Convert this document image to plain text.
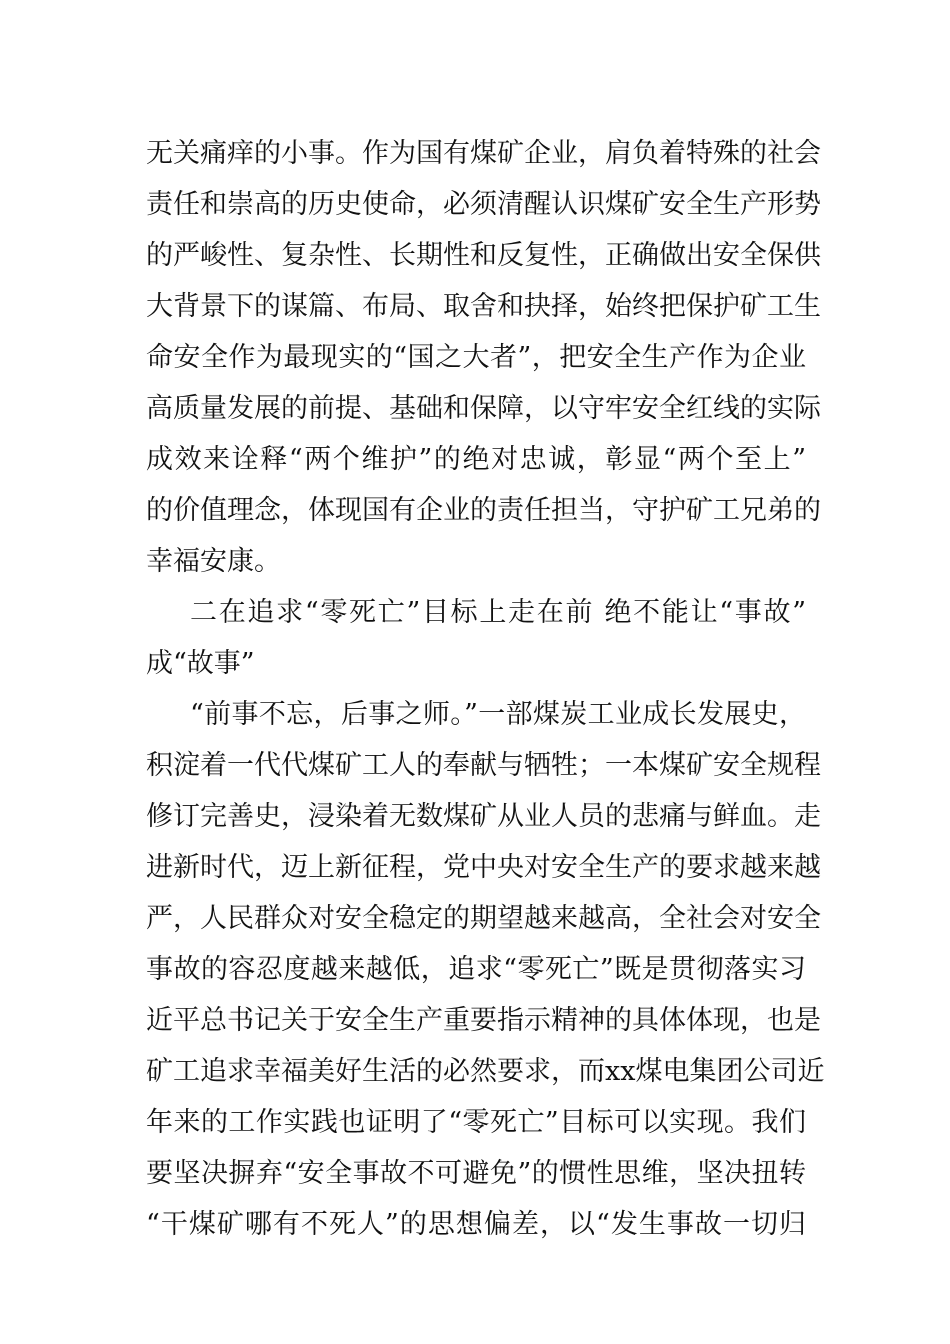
无关痛痒的小事。作为国有煤矿企业，肩负着特殊的社会
责任和崇高的历史使命，必须清醒认识煤矿安全生产形势
的严峻性、复杂性、长期性和反复性，正确做出安全保供
大背景下的谋篇、布局、取舍和抉择，始终把保护矿工生
命安全作为最现实的“国之大者”，把安全生产作为企业
高质量发展的前提、基础和保障，以守牢安全红线的实际
成效来诠释“两个维护”的绝对忠诚，彰显“两个至上”
的价值理念，体现国有企业的责任担当，守护矿工兄弟的
幸福安康。
二在追求“零死亡”目标上走在前 绝不能让“事故”
成“故事”
“前事不忘，后事之师。”一部煤炭工业成长发展史，
积淀着一代代煤矿工人的奉献与牺牲；一本煤矿安全规程
修订完善史，浸染着无数煤矿从业人员的悲痛与鲜血。走
进新时代，迈上新征程，党中央对安全生产的要求越来越
严，人民群众对安全稳定的期望越来越高，全社会对安全
事故的容忍度越来越低，追求“零死亡”既是贯彻落实习
近平总书记关于安全生产重要指示精神的具体体现，也是
矿工追求幸福美好生活的必然要求，而xx煤电集团公司近
年来的工作实践也证明了“零死亡”目标可以实现。我们
要坚决摒弃“安全事故不可避免”的惯性思维，坚决扭转
“干煤矿哪有不死人”的思想偏差，以“发生事故一切归
